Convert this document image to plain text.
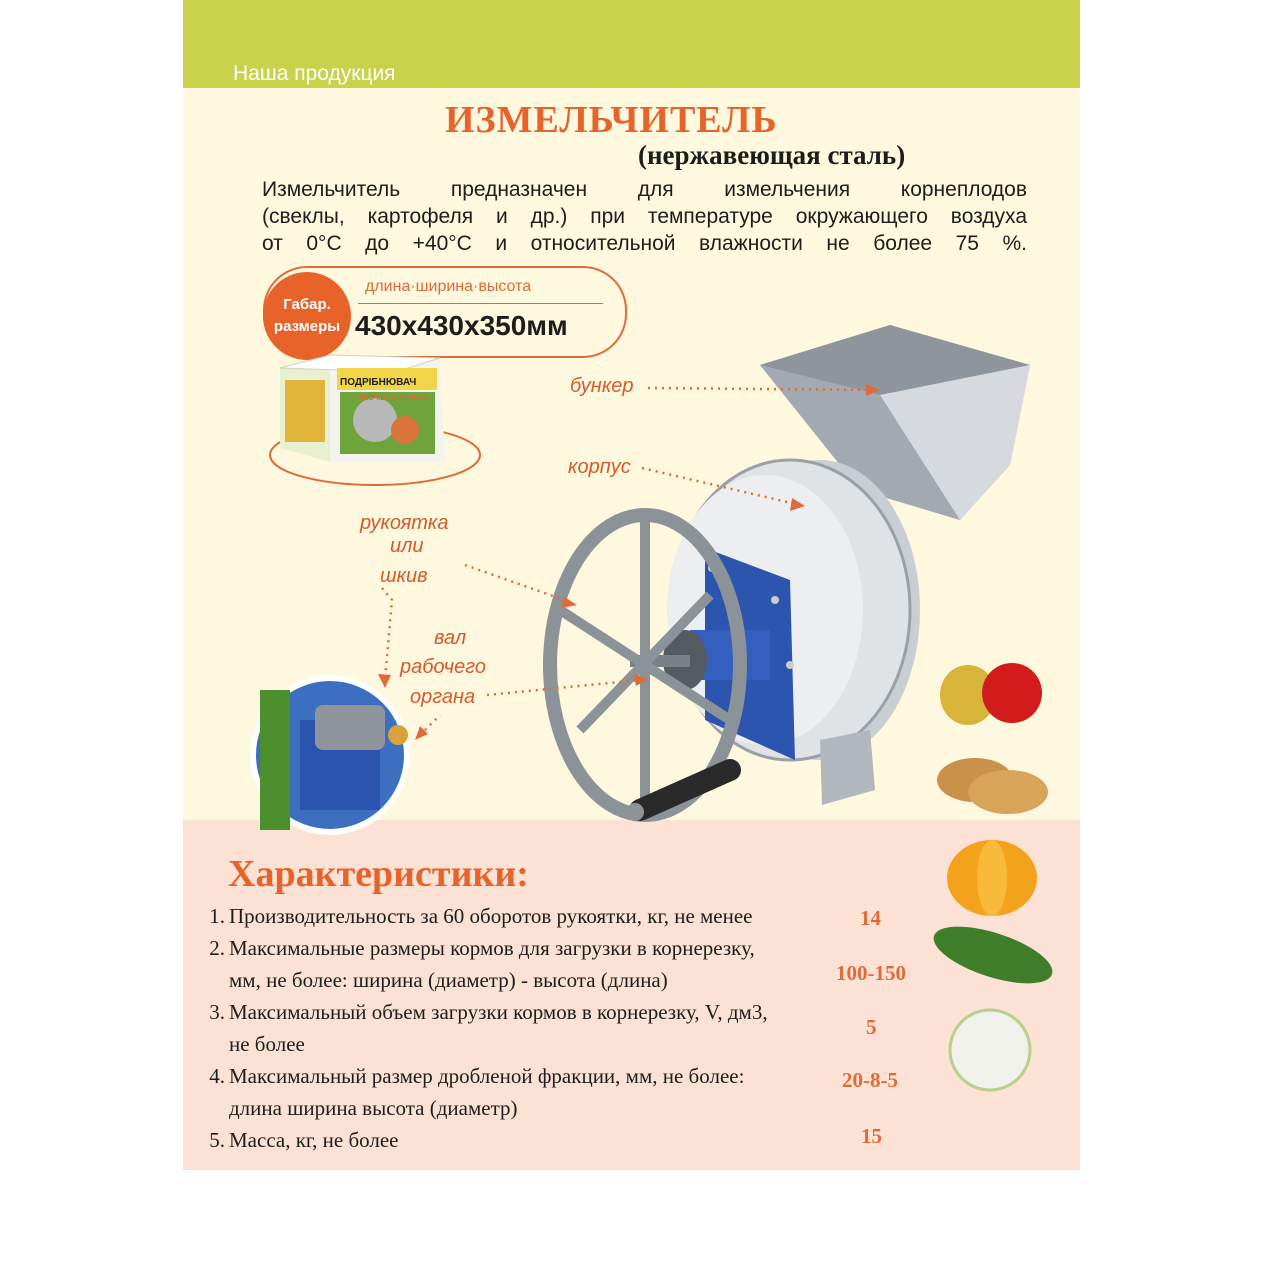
Наша продукция
ИЗМЕЛЬЧИТЕЛЬ
(нержавеющая сталь)

Измельчитель предназначен для измельчения корнеплодов

(свеклы, картофеля и др.) при температуре окружающего воздуха

от 0°С до +40°С и относительной влажности не более 75 %.

Габар.
размеры
длина·ширина·высота
430х430х350мм
ПОДРІБНЮВАЧ
ОВОЧІВ ТА ФРУКТІВ
бункер
корпус
рукоятка
или
шкив
вал
рабочего
органа
Характеристики:
1. Производительность за 60 оборотов рукоятки, кг, не менее
2. Максимальные размеры кормов для загрузки в корнерезку,
мм, не более: ширина (диаметр) - высота (длина)
3. Максимальный объем загрузки кормов в корнерезку, V, дм3,
не более
4. Максимальный размер дробленой фракции, мм, не более:
длина ширина высота (диаметр)
5. Масса, кг, не более
14
100-150
5
20-8-5
15
